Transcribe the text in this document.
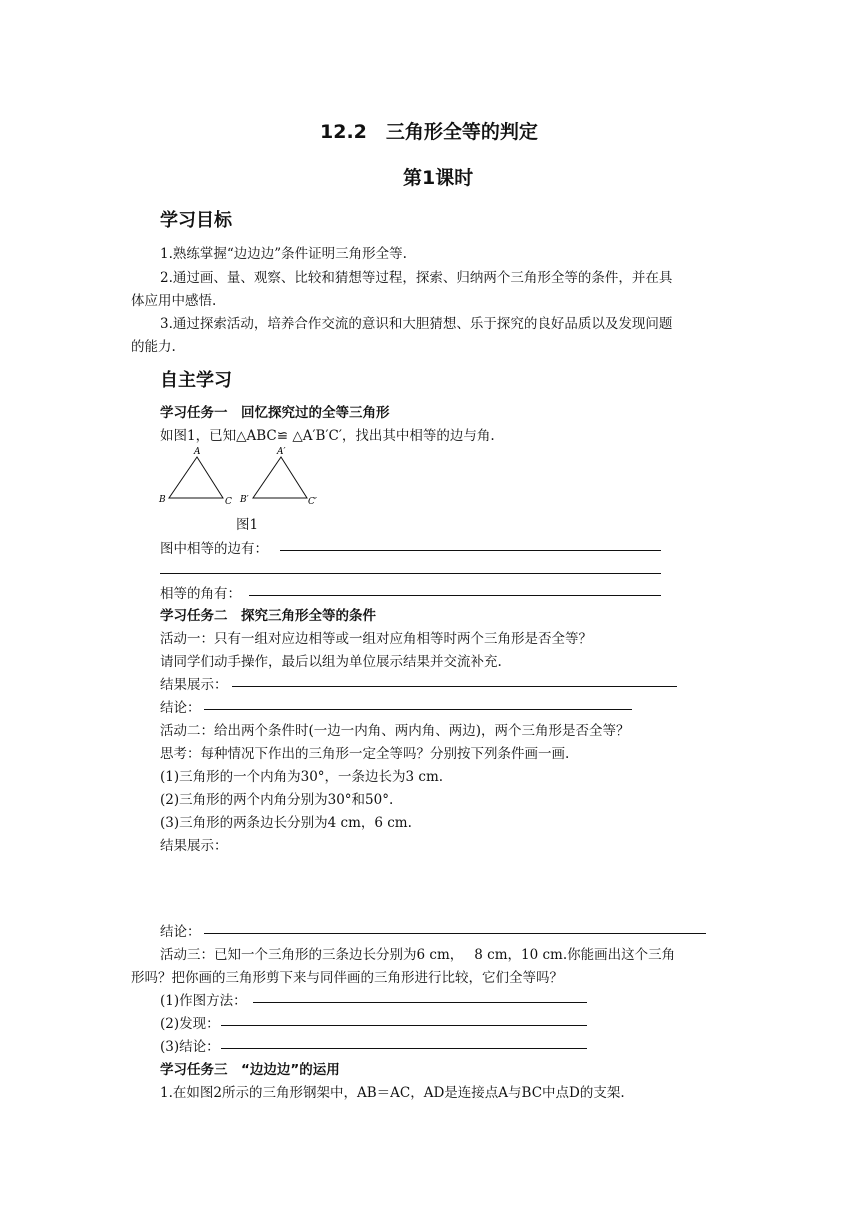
12.2　三角形全等的判定
第1课时
学习目标
1.熟练掌握“边边边”条件证明三角形全等.
2.通过画、量、观察、比较和猜想等过程，探索、归纳两个三角形全等的条件，并在具
体应用中感悟.
3.通过探索活动，培养合作交流的意识和大胆猜想、乐于探究的良好品质以及发现问题
的能力.
自主学习
学习任务一　回忆探究过的全等三角形
如图1，已知△ABC≌ △A′B′C′，找出其中相等的边与角.
A
B	C
A′
B′	C′
图1
图中相等的边有：
相等的角有：
学习任务二　探究三角形全等的条件
活动一：只有一组对应边相等或一组对应角相等时两个三角形是否全等？
请同学们动手操作，最后以组为单位展示结果并交流补充.
结果展示：
结论：
活动二：给出两个条件时(一边一内角、两内角、两边)，两个三角形是否全等？
思考：每种情况下作出的三角形一定全等吗？分别按下列条件画一画.
(1)三角形的一个内角为30°，一条边长为3 cm.
(2)三角形的两个内角分别为30°和50°.
(3)三角形的两条边长分别为4 cm，6 cm.
结果展示：
结论：
活动三：已知一个三角形的三条边长分别为6 cm，　 8 cm，10 cm.你能画出这个三角
形吗？把你画的三角形剪下来与同伴画的三角形进行比较，它们全等吗？
(1)作图方法：
(2)发现：
(3)结论：
学习任务三　“边边边”的运用
1.在如图2所示的三角形钢架中，AB＝AC，AD是连接点A与BC中点D的支架.
